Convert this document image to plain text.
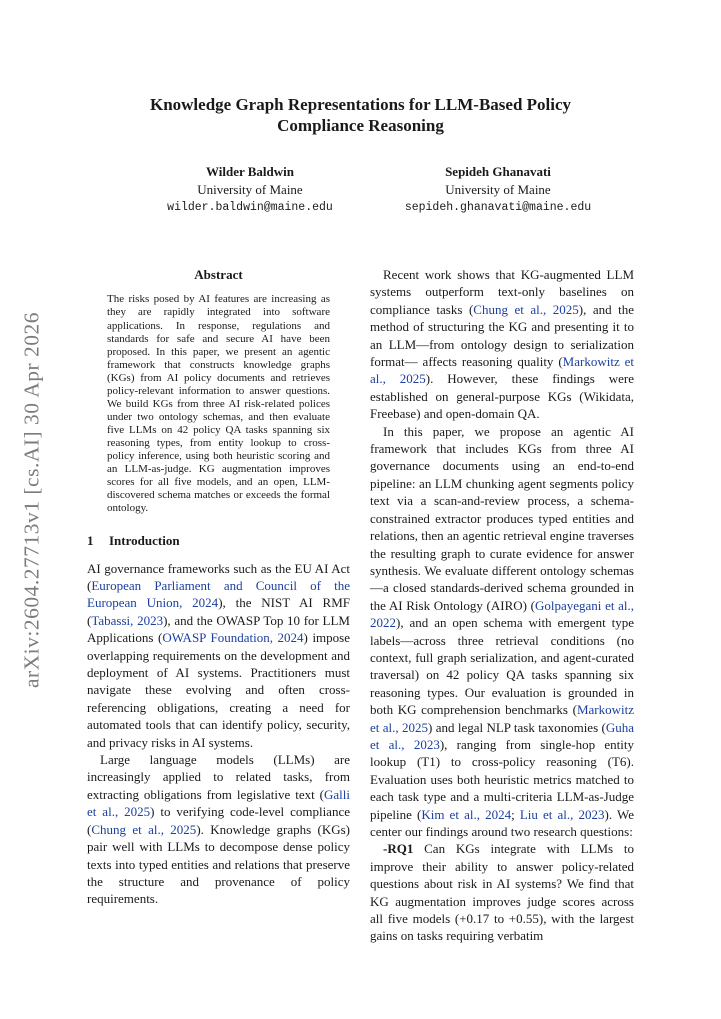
arXiv:2604.27713v1 [cs.AI] 30 Apr 2026
Knowledge Graph Representations for LLM-Based Policy
Compliance Reasoning
Wilder Baldwin
University of Maine
wilder.baldwin@maine.edu
Sepideh Ghanavati
University of Maine
sepideh.ghanavati@maine.edu
Abstract
The risks posed by AI features are increasing as they are rapidly integrated into software applications. In response, regulations and standards for safe and secure AI have been proposed. In this paper, we present an agentic framework that constructs knowledge graphs (KGs) from AI policy documents and retrieves policy-relevant information to answer questions. We build KGs from three AI risk-related polices under two ontology schemas, and then evaluate five LLMs on 42 policy QA tasks spanning six reasoning types, from entity lookup to cross-policy inference, using both heuristic scoring and an LLM-as-judge. KG augmentation improves scores for all five models, and an open, LLM-discovered schema matches or exceeds the formal ontology.
1 Introduction

AI governance frameworks such as the EU AI Act (European Parliament and Council of the European Union, 2024), the NIST AI RMF (Tabassi, 2023), and the OWASP Top 10 for LLM Applications (OWASP Foundation, 2024) impose overlapping requirements on the development and deployment of AI systems. Practitioners must navigate these evolving and often cross-referencing obligations, creating a need for automated tools that can identify policy, security, and privacy risks in AI systems.

Large language models (LLMs) are increasingly applied to related tasks, from extracting obligations from legislative text (Galli et al., 2025) to verifying code-level compliance (Chung et al., 2025). Knowledge graphs (KGs) pair well with LLMs to decompose dense policy texts into typed entities and relations that preserve the structure and provenance of policy requirements.

Recent work shows that KG-augmented LLM systems outperform text-only baselines on compliance tasks (Chung et al., 2025), and the method of structuring the KG and presenting it to an LLM—from ontology design to serialization format— affects reasoning quality (Markowitz et al., 2025). However, these findings were established on general-purpose KGs (Wikidata, Freebase) and open-domain QA.

In this paper, we propose an agentic AI framework that includes KGs from three AI governance documents using an end-to-end pipeline: an LLM chunking agent segments policy text via a scan-and-review process, a schema-constrained extractor produces typed entities and relations, then an agentic retrieval engine traverses the resulting graph to curate evidence for answer synthesis. We evaluate different ontology schemas—a closed standards-derived schema grounded in the AI Risk Ontology (AIRO) (Golpayegani et al., 2022), and an open schema with emergent type labels—across three retrieval conditions (no context, full graph serialization, and agent-curated traversal) on 42 policy QA tasks spanning six reasoning types. Our evaluation is grounded in both KG comprehension benchmarks (Markowitz et al., 2025) and legal NLP task taxonomies (Guha et al., 2023), ranging from single-hop entity lookup (T1) to cross-policy reasoning (T6). Evaluation uses both heuristic metrics matched to each task type and a multi-criteria LLM-as-Judge pipeline (Kim et al., 2024; Liu et al., 2023). We center our findings around two research questions:

-RQ1 Can KGs integrate with LLMs to improve their ability to answer policy-related questions about risk in AI systems? We find that KG augmentation improves judge scores across all five models (+0.17 to +0.55), with the largest gains on tasks requiring verbatim
